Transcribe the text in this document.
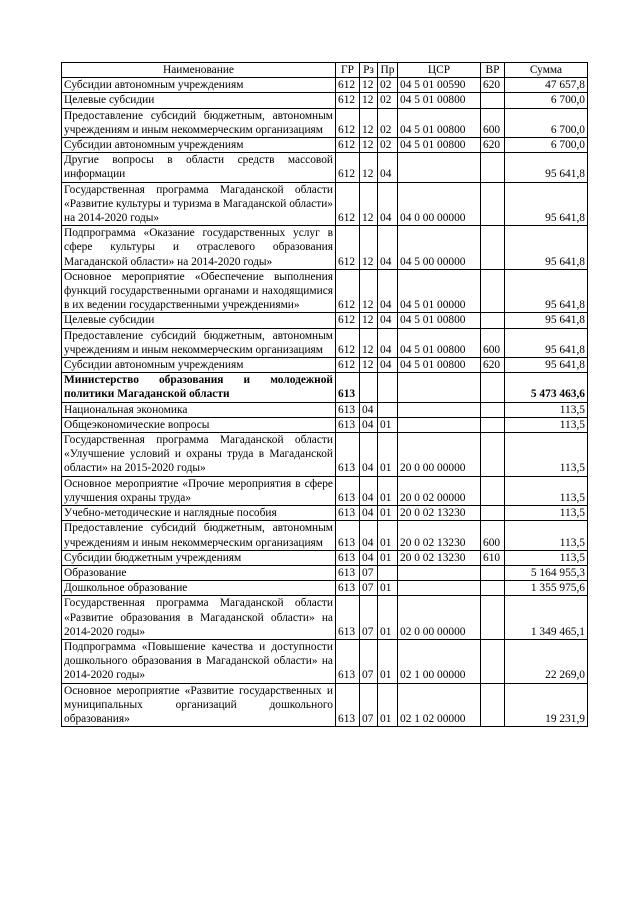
Наименование	ГР	Рз	Пр	ЦСР	ВР	Сумма
Субсидии автономным учреждениям	612	12	02	04 5 01 00590	620	47 657,8
Целевые субсидии	612	12	02	04 5 01 00800		6 700,0
Предоставление субсидий бюджетным, автономным учреждениям и иным некоммерческим организациям	612	12	02	04 5 01 00800	600	6 700,0
Субсидии автономным учреждениям	612	12	02	04 5 01 00800	620	6 700,0
Другие вопросы в области средств массовой информации	612	12	04			95 641,8
Государственная программа Магаданской области «Развитие культуры и туризма в Магаданской области» на 2014-2020 годы»	612	12	04	04 0 00 00000		95 641,8
Подпрограмма «Оказание государственных услуг в сфере культуры и отраслевого образования Магаданской области» на 2014-2020 годы»	612	12	04	04 5 00 00000		95 641,8
Основное мероприятие «Обеспечение выполнения функций государственными органами и находящимися в их ведении государственными учреждениями»	612	12	04	04 5 01 00000		95 641,8
Целевые субсидии	612	12	04	04 5 01 00800		95 641,8
Предоставление субсидий бюджетным, автономным учреждениям и иным некоммерческим организациям	612	12	04	04 5 01 00800	600	95 641,8
Субсидии автономным учреждениям	612	12	04	04 5 01 00800	620	95 641,8
Министерство образования и молодежной политики Магаданской области	613					5 473 463,6
Национальная экономика	613	04				113,5
Общеэкономические вопросы	613	04	01			113,5
Государственная программа Магаданской области «Улучшение условий и охраны труда в Магаданской области» на 2015-2020 годы»	613	04	01	20 0 00 00000		113,5
Основное мероприятие «Прочие мероприятия в сфере улучшения охраны труда»	613	04	01	20 0 02 00000		113,5
Учебно-методические и наглядные пособия	613	04	01	20 0 02 13230		113,5
Предоставление субсидий бюджетным, автономным учреждениям и иным некоммерческим организациям	613	04	01	20 0 02 13230	600	113,5
Субсидии бюджетным учреждениям	613	04	01	20 0 02 13230	610	113,5
Образование	613	07				5 164 955,3
Дошкольное образование	613	07	01			1 355 975,6
Государственная программа Магаданской области «Развитие образования в Магаданской области» на 2014-2020 годы»	613	07	01	02 0 00 00000		1 349 465,1
Подпрограмма «Повышение качества и доступности дошкольного образования в Магаданской области» на 2014-2020 годы»	613	07	01	02 1 00 00000		22 269,0
Основное мероприятие «Развитие государственных и муниципальных организаций дошкольного образования»	613	07	01	02 1 02 00000		19 231,9
